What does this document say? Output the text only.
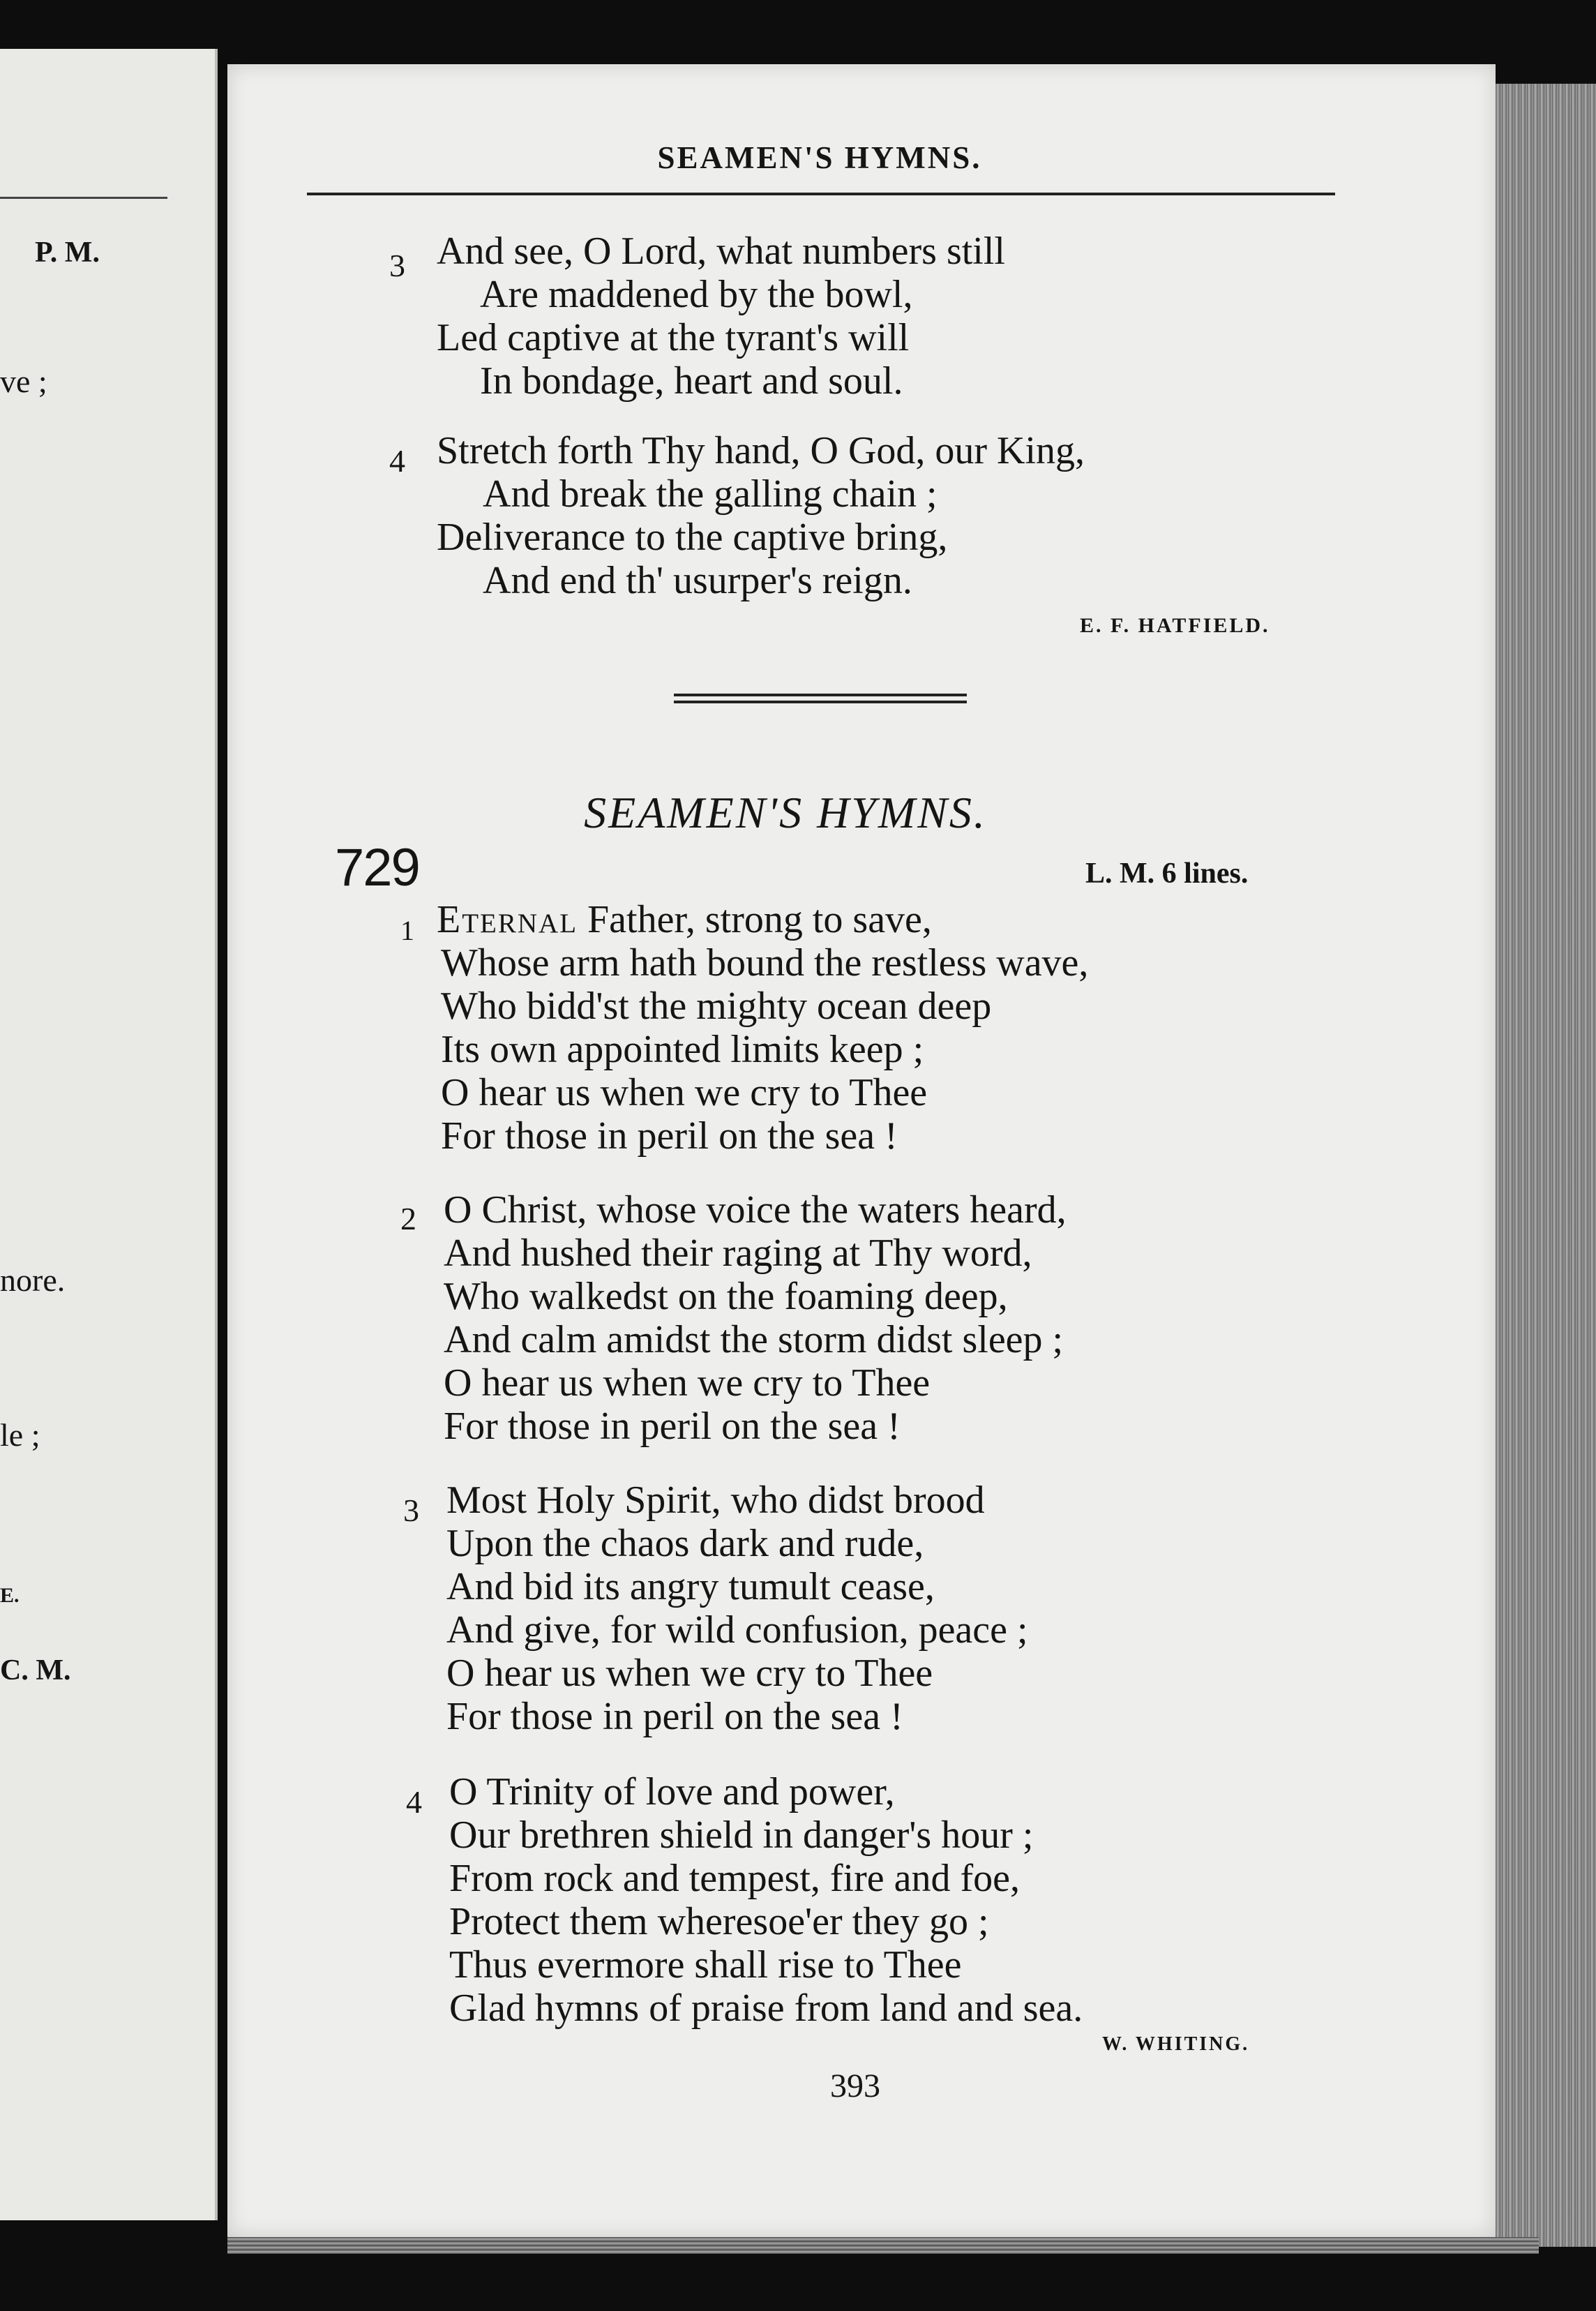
P. M.
ve ;
nore.
le ;
E.
C. M.
SEAMEN'S HYMNS.
3 And see, O Lord, what numbers still
Are maddened by the bowl,
Led captive at the tyrant's will
In bondage, heart and soul.
4 Stretch forth Thy hand, O God, our King,
And break the galling chain ;
Deliverance to the captive bring,
And end th' usurper's reign.
E. F. HATFIELD.
SEAMEN'S HYMNS.
729	L. M. 6 lines.
1 Eternal Father, strong to save,
Whose arm hath bound the restless wave,
Who bidd'st the mighty ocean deep
Its own appointed limits keep ;
O hear us when we cry to Thee
For those in peril on the sea !
2 O Christ, whose voice the waters heard,
And hushed their raging at Thy word,
Who walkedst on the foaming deep,
And calm amidst the storm didst sleep ;
O hear us when we cry to Thee
For those in peril on the sea !
3 Most Holy Spirit, who didst brood
Upon the chaos dark and rude,
And bid its angry tumult cease,
And give, for wild confusion, peace ;
O hear us when we cry to Thee
For those in peril on the sea !
4 O Trinity of love and power,
Our brethren shield in danger's hour ;
From rock and tempest, fire and foe,
Protect them wheresoe'er they go ;
Thus evermore shall rise to Thee
Glad hymns of praise from land and sea.
W. WHITING.
393
